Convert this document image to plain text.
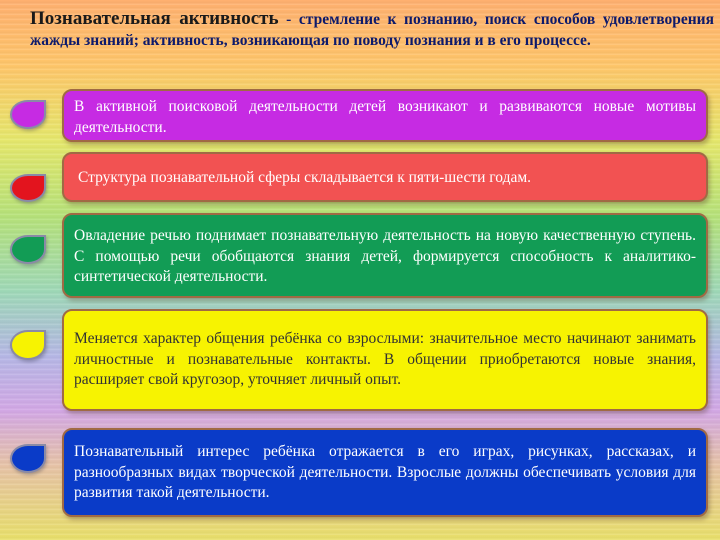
Познавательная активность - стремление к познанию, поиск способов удовлетворения жажды знаний; активность, возникающая по поводу познания и в его процессе.

В активной поисковой деятельности детей возникают и развиваются новые мотивы деятельности.
Структура познавательной сферы складывается к пяти-шести годам.
Овладение речью поднимает познавательную деятельность на новую качественную ступень. С помощью речи обобщаются знания детей, формируется способность к аналитико-синтетической деятельности.
Меняется характер общения ребёнка со взрослыми: значительное место начинают занимать личностные и познавательные контакты. В общении приобретаются новые знания, расширяет свой кругозор, уточняет личный опыт.
Познавательный интерес ребёнка отражается в его играх, рисунках, рассказах, и разнообразных видах творческой деятельности. Взрослые должны обеспечивать условия для развития такой деятельности.
